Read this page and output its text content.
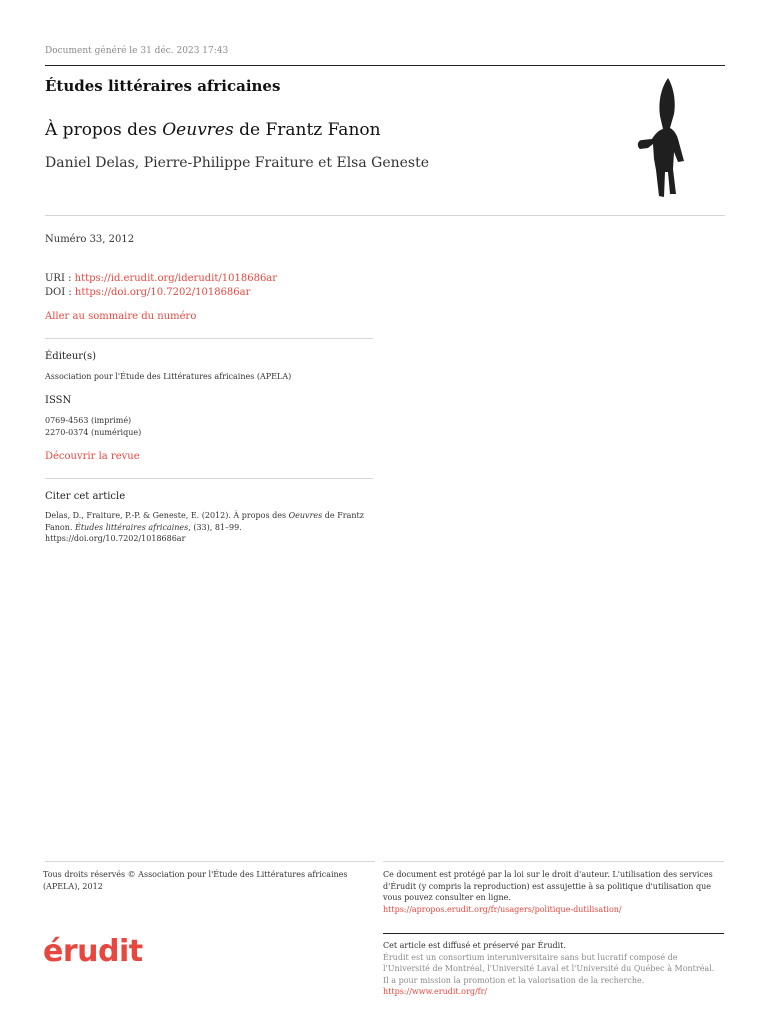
Document généré le 31 déc. 2023 17:43
Études littéraires africaines
À propos des Oeuvres de Frantz Fanon
Daniel Delas, Pierre-Philippe Fraiture et Elsa Geneste
Numéro 33, 2012
URI : https://id.erudit.org/iderudit/1018686ar
DOI : https://doi.org/10.7202/1018686ar
Aller au sommaire du numéro
Éditeur(s)
Association pour l'Étude des Littératures africaines (APELA)
ISSN
0769-4563 (imprimé)
2270-0374 (numérique)
Découvrir la revue
Citer cet article
Delas, D., Fraiture, P.-P. & Geneste, E. (2012). À propos des Oeuvres de Frantz Fanon. Études littéraires africaines, (33), 81–99.
https://doi.org/10.7202/1018686ar
Tous droits réservés © Association pour l'Étude des Littératures africaines (APELA), 2012
Ce document est protégé par la loi sur le droit d'auteur. L'utilisation des services d'Érudit (y compris la reproduction) est assujettie à sa politique d'utilisation que vous pouvez consulter en ligne.
https://apropos.erudit.org/fr/usagers/politique-dutilisation/
érudit	Cet article est diffusé et préservé par Érudit.
Érudit est un consortium interuniversitaire sans but lucratif composé de l'Université de Montréal, l'Université Laval et l'Université du Québec à Montréal. Il a pour mission la promotion et la valorisation de la recherche.
https://www.erudit.org/fr/
